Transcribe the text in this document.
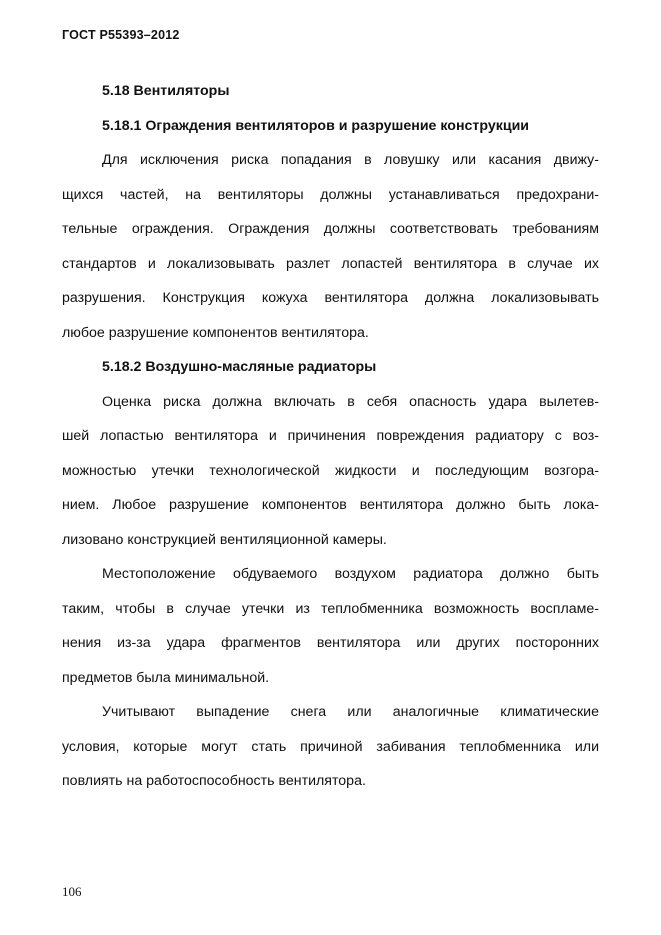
ГОСТ Р55393–2012
5.18 Вентиляторы
5.18.1 Ограждения вентиляторов и разрушение конструкции
Для исключения риска попадания в ловушку или касания движу-
щихся частей, на вентиляторы должны устанавливаться предохрани-
тельные ограждения. Ограждения должны соответствовать требованиям
стандартов и локализовывать разлет лопастей вентилятора в случае их
разрушения. Конструкция кожуха вентилятора должна локализовывать
любое разрушение компонентов вентилятора.
5.18.2 Воздушно-масляные радиаторы
Оценка риска должна включать в себя опасность удара вылетев-
шей лопастью вентилятора и причинения повреждения радиатору с воз-
можностью утечки технологической жидкости и последующим возгора-
нием. Любое разрушение компонентов вентилятора должно быть лока-
лизовано конструкцией вентиляционной камеры.
Местоположение обдуваемого воздухом радиатора должно быть
таким, чтобы в случае утечки из теплобменника возможность воспламе-
нения из-за удара фрагментов вентилятора или других посторонних
предметов была минимальной.
Учитывают выпадение снега или аналогичные климатические
условия, которые могут стать причиной забивания теплобменника или
повлиять на работоспособность вентилятора.
106
